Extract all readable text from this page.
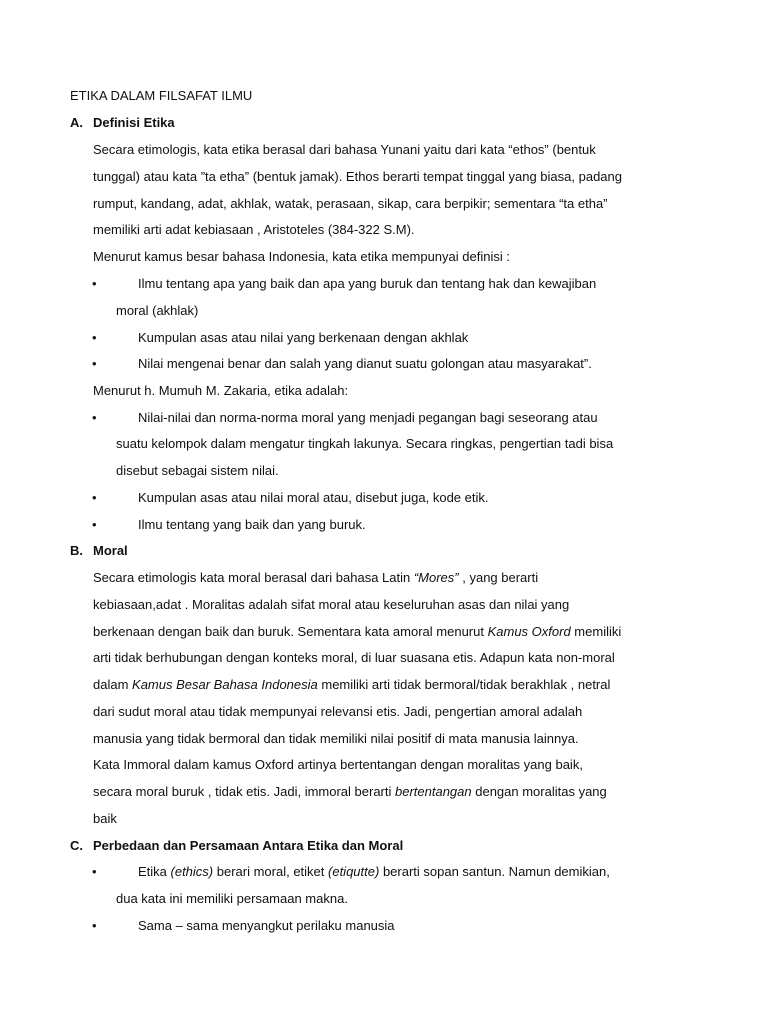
ETIKA DALAM FILSAFAT ILMU
A. Definisi Etika
Secara etimologis, kata etika berasal dari bahasa Yunani yaitu dari kata “ethos” (bentuk
tunggal) atau kata ”ta etha” (bentuk jamak). Ethos berarti tempat tinggal yang biasa, padang
rumput, kandang, adat, akhlak, watak, perasaan, sikap, cara berpikir; sementara “ta etha”
memiliki arti adat kebiasaan , Aristoteles (384-322 S.M).
Menurut kamus besar bahasa Indonesia, kata etika mempunyai definisi :
•	Ilmu tentang apa yang baik dan apa yang buruk dan tentang hak dan kewajiban
moral (akhlak)
•	Kumpulan asas atau nilai yang berkenaan dengan akhlak
•	Nilai mengenai benar dan salah yang dianut suatu golongan atau masyarakat”.
Menurut h. Mumuh M. Zakaria, etika adalah:
•	Nilai-nilai dan norma-norma moral yang menjadi pegangan bagi seseorang atau
suatu kelompok dalam mengatur tingkah lakunya. Secara ringkas, pengertian tadi bisa
disebut sebagai sistem nilai.
•	Kumpulan asas atau nilai moral atau, disebut juga, kode etik.
•	Ilmu tentang yang baik dan yang buruk.
B. Moral
Secara etimologis kata moral berasal dari bahasa Latin “Mores” , yang berarti
kebiasaan,adat . Moralitas adalah sifat moral atau keseluruhan asas dan nilai yang
berkenaan dengan baik dan buruk. Sementara kata amoral menurut Kamus Oxford memiliki
arti tidak berhubungan dengan konteks moral, di luar suasana etis. Adapun kata non-moral
dalam Kamus Besar Bahasa Indonesia memiliki arti tidak bermoral/tidak berakhlak , netral
dari sudut moral atau tidak mempunyai relevansi etis. Jadi, pengertian amoral adalah
manusia yang tidak bermoral dan tidak memiliki nilai positif di mata manusia lainnya.
Kata Immoral dalam kamus Oxford artinya bertentangan dengan moralitas yang baik,
secara moral buruk , tidak etis. Jadi, immoral berarti bertentangan dengan moralitas yang
baik
C. Perbedaan dan Persamaan Antara Etika dan Moral
•	Etika (ethics) berari moral, etiket (etiqutte) berarti sopan santun. Namun demikian,
dua kata ini memiliki persamaan makna.
•	Sama – sama menyangkut perilaku manusia
